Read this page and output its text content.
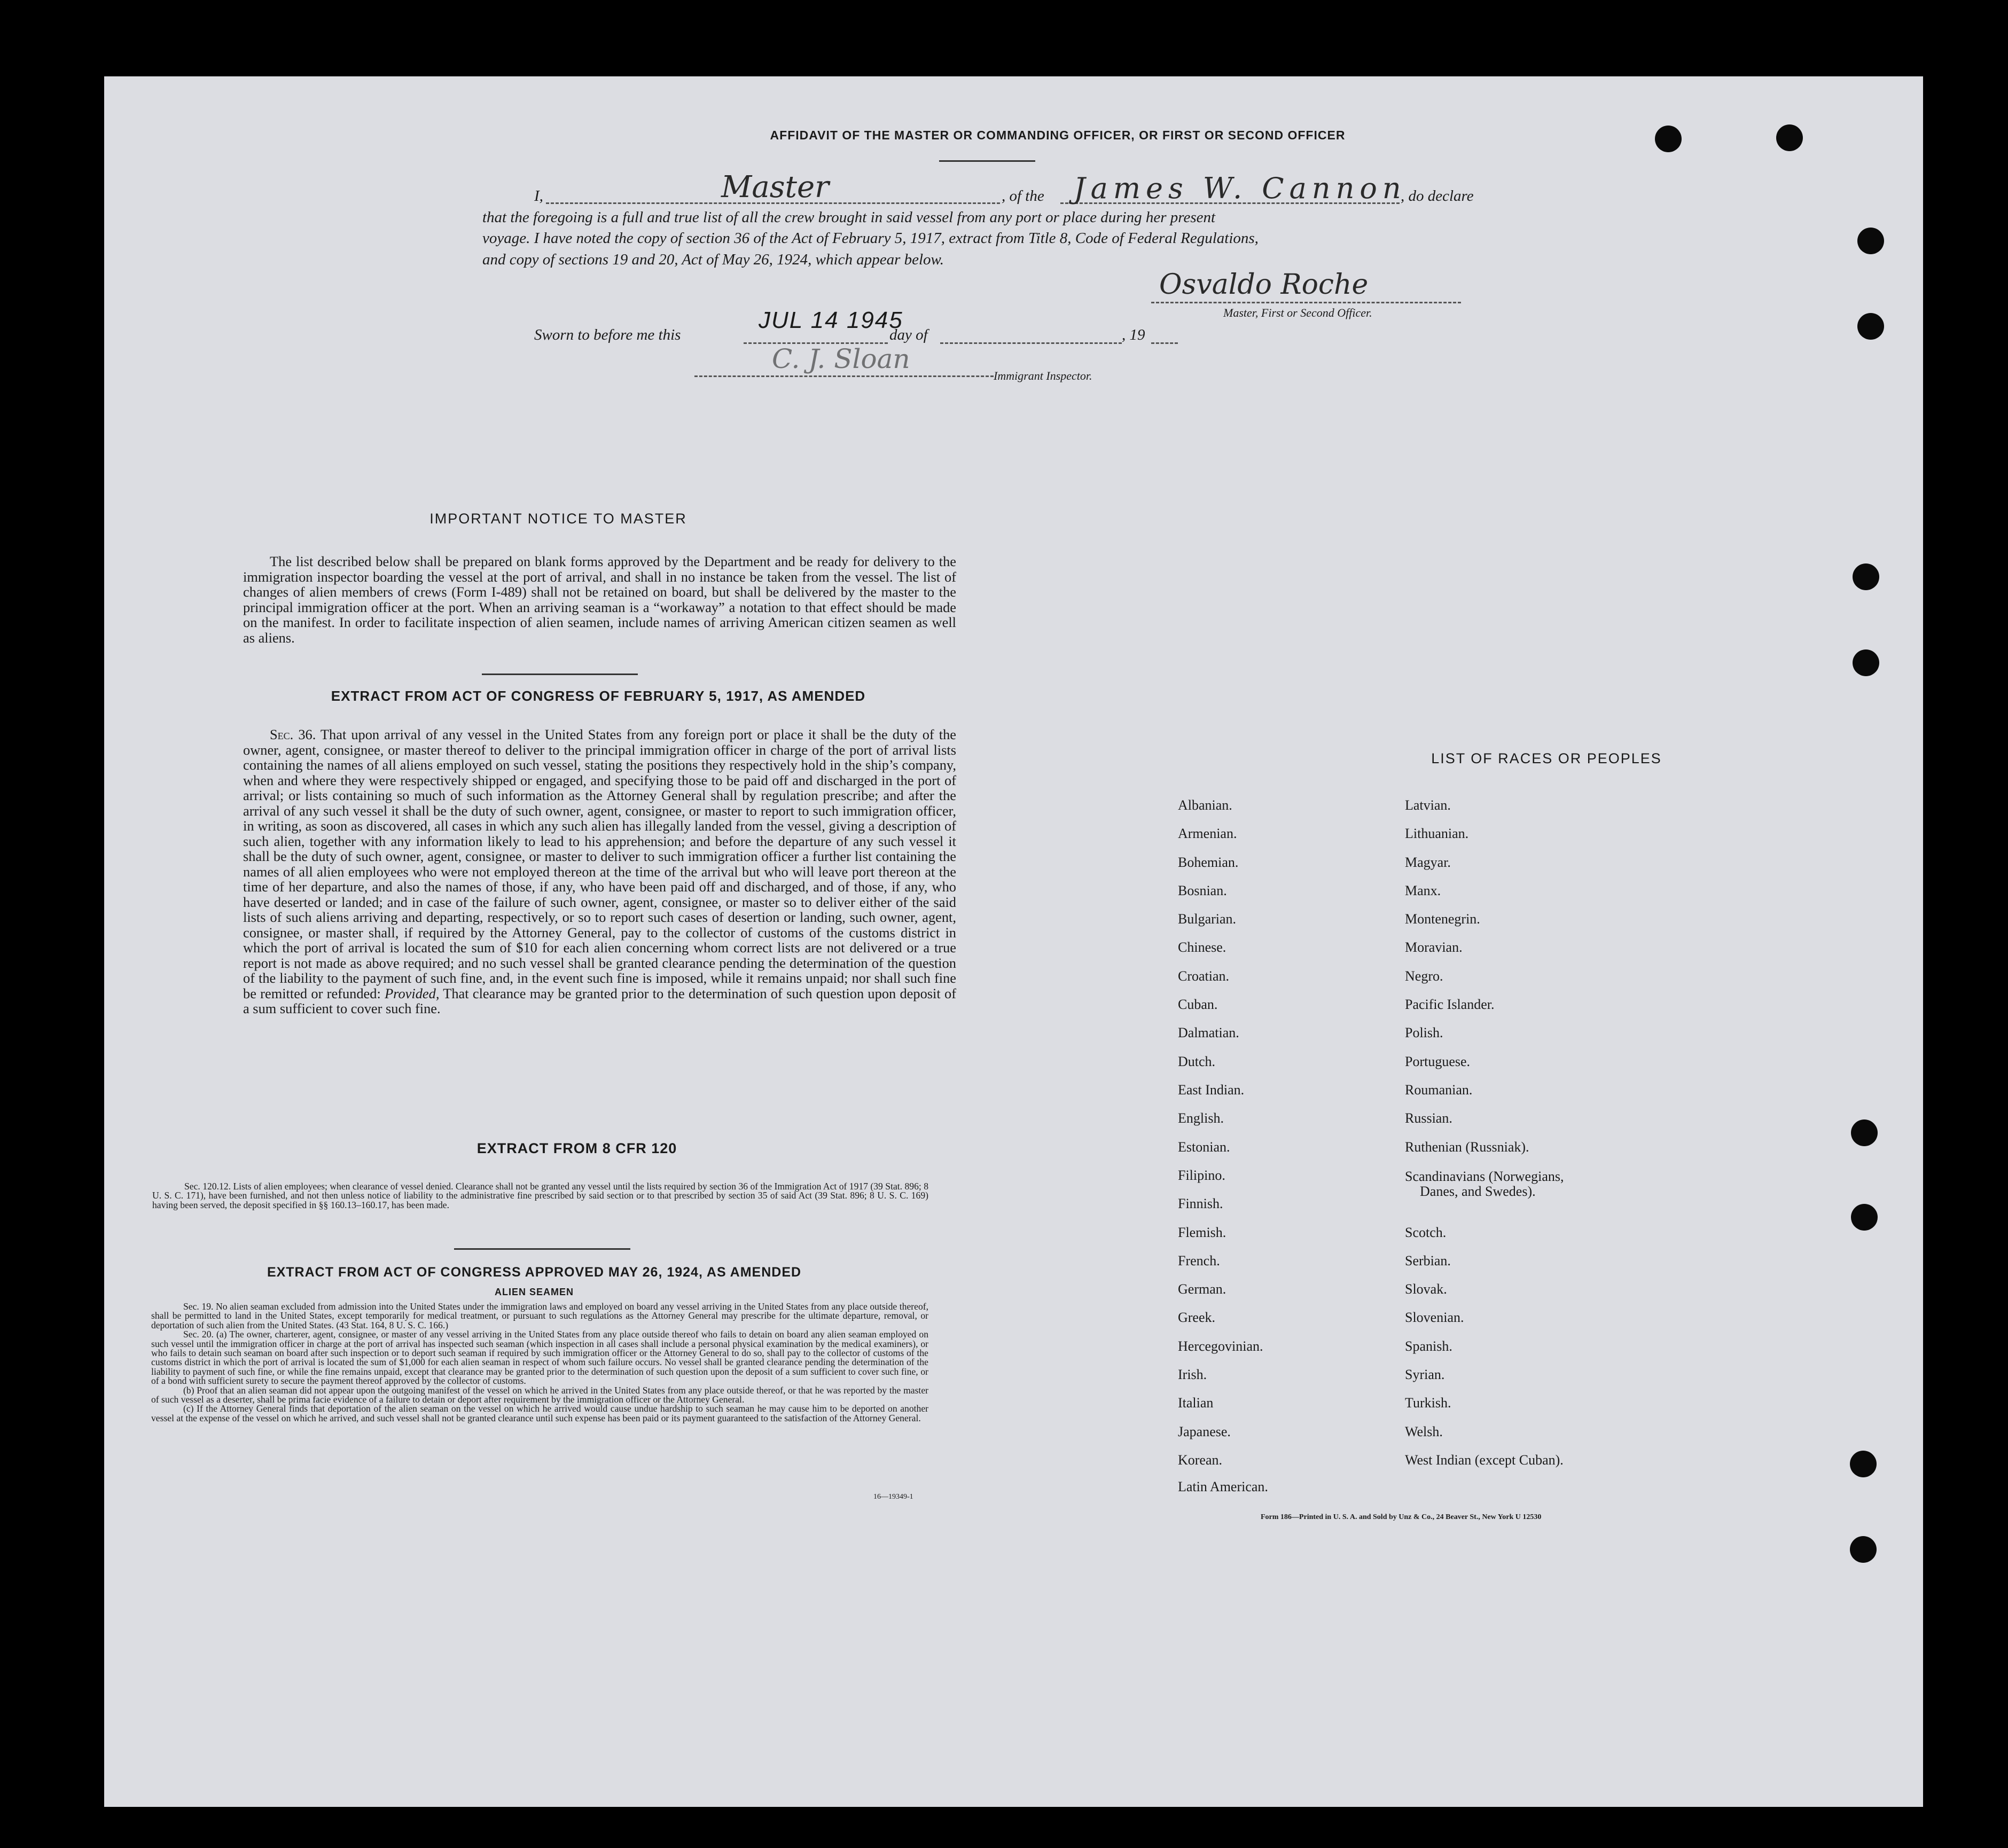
AFFIDAVIT OF THE MASTER OR COMMANDING OFFICER, OR FIRST OR SECOND OFFICER
I,	Master	, of the James W. Cannon
, do declare
that the foregoing is a full and true list of all the crew brought in said vessel from any port or place during her present
voyage. I have noted the copy of section 36 of the Act of February 5, 1917, extract from Title 8, Code of Federal Regulations,
and copy of sections 19 and 20, Act of May 26, 1924, which appear below.
Osvaldo Roche
Master, First or Second Officer.
Sworn to before me this
JUL 14 1945
day of	, 19
C. J. Sloan
Immigrant Inspector.
IMPORTANT NOTICE TO MASTER
The list described below shall be prepared on blank forms approved by the Department and be ready for delivery to the immigration inspector boarding the vessel at the port of arrival, and shall in no instance be taken from the vessel. The list of changes of alien members of crews (Form I-489) shall not be retained on board, but shall be delivered by the master to the principal immigration officer at the port. When an arriving seaman is a “workaway” a notation to that effect should be made on the manifest. In order to facilitate inspection of alien seamen, include names of arriving American citizen seamen as well as aliens.
EXTRACT FROM ACT OF CONGRESS OF FEBRUARY 5, 1917, AS AMENDED
Sec. 36. That upon arrival of any vessel in the United States from any foreign port or place it shall be the duty of the owner, agent, consignee, or master thereof to deliver to the principal immigration officer in charge of the port of arrival lists containing the names of all aliens employed on such vessel, stating the positions they respectively hold in the ship’s company, when and where they were respectively shipped or engaged, and specifying those to be paid off and discharged in the port of arrival; or lists containing so much of such information as the Attorney General shall by regulation prescribe; and after the arrival of any such vessel it shall be the duty of such owner, agent, consignee, or master to report to such immigration officer, in writing, as soon as discovered, all cases in which any such alien has illegally landed from the vessel, giving a description of such alien, together with any information likely to lead to his apprehension; and before the departure of any such vessel it shall be the duty of such owner, agent, consignee, or master to deliver to such immigration officer a further list containing the names of all alien employees who were not employed thereon at the time of the arrival but who will leave port thereon at the time of her departure, and also the names of those, if any, who have been paid off and discharged, and of those, if any, who have deserted or landed; and in case of the failure of such owner, agent, consignee, or master so to deliver either of the said lists of such aliens arriving and departing, respectively, or so to report such cases of desertion or landing, such owner, agent, consignee, or master shall, if required by the Attorney General, pay to the collector of customs of the customs district in which the port of arrival is located the sum of $10 for each alien concerning whom correct lists are not delivered or a true report is not made as above required; and no such vessel shall be granted clearance pending the determination of the question of the liability to the payment of such fine, and, in the event such fine is imposed, while it remains unpaid; nor shall such fine be remitted or refunded: Provided, That clearance may be granted prior to the determination of such question upon deposit of a sum sufficient to cover such fine.
EXTRACT FROM 8 CFR 120
Sec. 120.12. Lists of alien employees; when clearance of vessel denied. Clearance shall not be granted any vessel until the lists required by section 36 of the Immigration Act of 1917 (39 Stat. 896; 8 U. S. C. 171), have been furnished, and not then unless notice of liability to the administrative fine prescribed by said section or to that prescribed by section 35 of said Act (39 Stat. 896; 8 U. S. C. 169) having been served, the deposit specified in §§ 160.13–160.17, has been made.
EXTRACT FROM ACT OF CONGRESS APPROVED MAY 26, 1924, AS AMENDED
ALIEN SEAMEN
Sec. 19. No alien seaman excluded from admission into the United States under the immigration laws and employed on board any vessel arriving in the United States from any place outside thereof, shall be permitted to land in the United States, except temporarily for medical treatment, or pursuant to such regulations as the Attorney General may prescribe for the ultimate departure, removal, or deportation of such alien from the United States. (43 Stat. 164, 8 U. S. C. 166.)
Sec. 20. (a) The owner, charterer, agent, consignee, or master of any vessel arriving in the United States from any place outside thereof who fails to detain on board any alien seaman employed on such vessel until the immigration officer in charge at the port of arrival has inspected such seaman (which inspection in all cases shall include a personal physical examination by the medical examiners), or who fails to detain such seaman on board after such inspection or to deport such seaman if required by such immigration officer or the Attorney General to do so, shall pay to the collector of customs of the customs district in which the port of arrival is located the sum of $1,000 for each alien seaman in respect of whom such failure occurs. No vessel shall be granted clearance pending the determination of the liability to payment of such fine, or while the fine remains unpaid, except that clearance may be granted prior to the determination of such question upon the deposit of a sum sufficient to cover such fine, or of a bond with sufficient surety to secure the payment thereof approved by the collector of customs.
(b) Proof that an alien seaman did not appear upon the outgoing manifest of the vessel on which he arrived in the United States from any place outside thereof, or that he was reported by the master of such vessel as a deserter, shall be prima facie evidence of a failure to detain or deport after requirement by the immigration officer or the Attorney General.
(c) If the Attorney General finds that deportation of the alien seaman on the vessel on which he arrived would cause undue hardship to such seaman he may cause him to be deported on another vessel at the expense of the vessel on which he arrived, and such vessel shall not be granted clearance until such expense has been paid or its payment guaranteed to the satisfaction of the Attorney General.
16—19349-1
LIST OF RACES OR PEOPLES
Albanian.
Armenian.
Bohemian.
Bosnian.
Bulgarian.
Chinese.
Croatian.
Cuban.
Dalmatian.
Dutch.
East Indian.
English.
Estonian.
Filipino.
Finnish.
Flemish.
French.
German.
Greek.
Hercegovinian.
Irish.
Italian
Japanese.
Korean.
Latin American.
Latvian.
Lithuanian.
Magyar.
Manx.
Montenegrin.
Moravian.
Negro.
Pacific Islander.
Polish.
Portuguese.
Roumanian.
Russian.
Ruthenian (Russniak).
Scandinavians (Norwegians,
Danes, and Swedes).
Scotch.
Serbian.
Slovak.
Slovenian.
Spanish.
Syrian.
Turkish.
Welsh.
West Indian (except Cuban).
Form 186—Printed in U. S. A. and Sold by Unz & Co., 24 Beaver St., New York U 12530
